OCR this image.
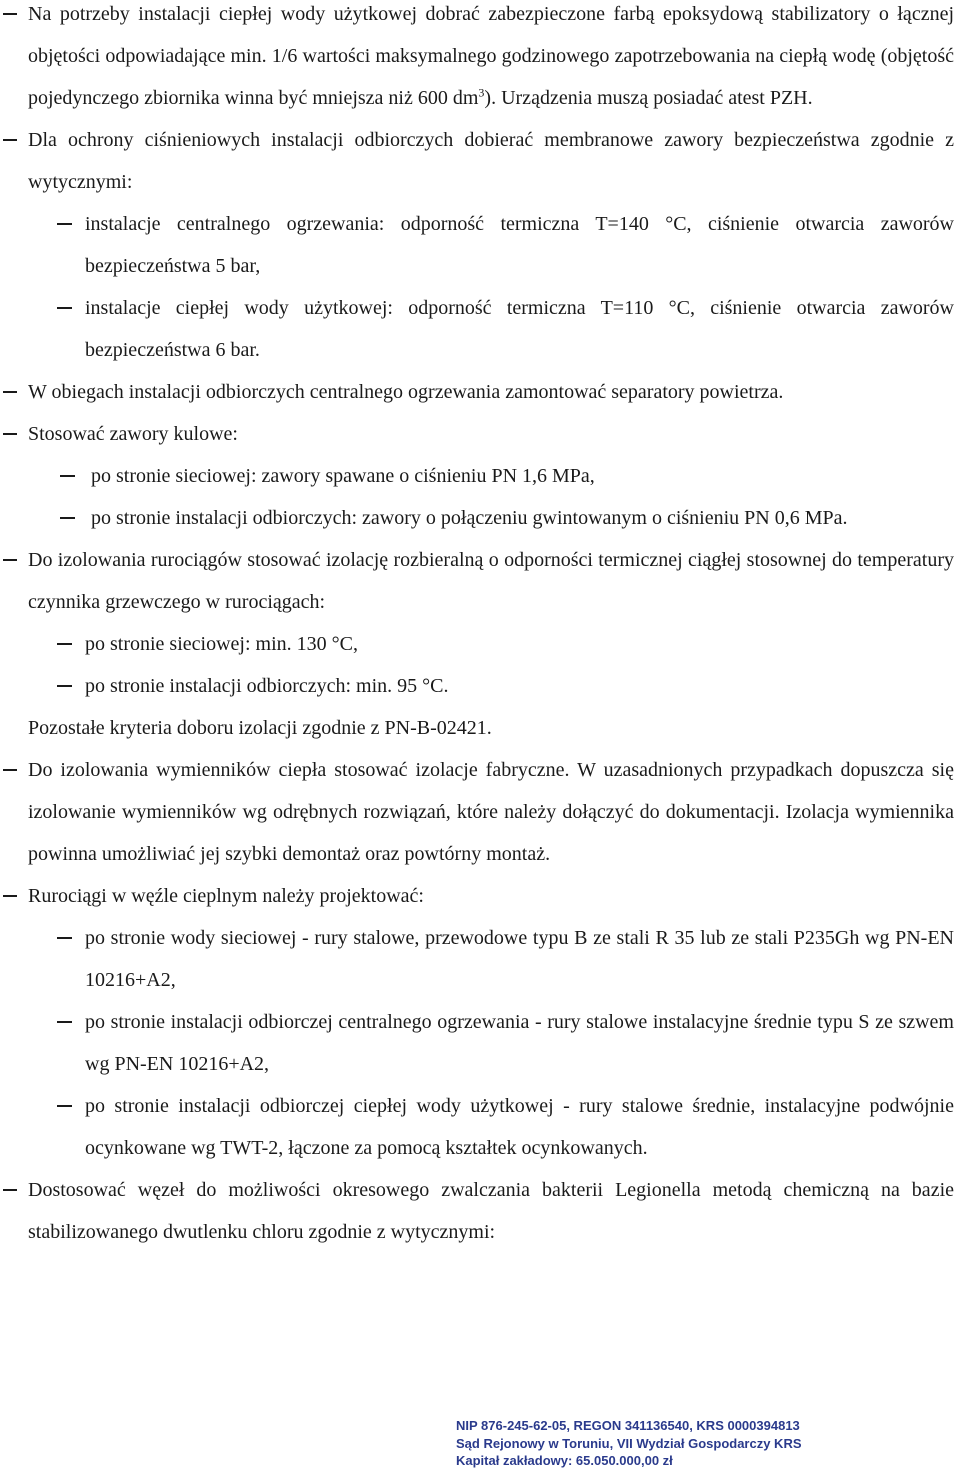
Na potrzeby instalacji ciepłej wody użytkowej dobrać zabezpieczone farbą epoksydową stabilizatory o łącznej objętości odpowiadające min. 1/6 wartości maksymalnego godzinowego zapotrzebowania na ciepłą wodę (objętość pojedynczego zbiornika winna być mniejsza niż 600 $dm^3$). Urządzenia muszą posiadać atest PZH.

Dla ochrony ciśnieniowych instalacji odbiorczych dobierać membranowe zawory bezpieczeństwa zgodnie z wytycznymi:

instalacje centralnego ogrzewania: odporność termiczna T=140 °C, ciśnienie otwarcia zaworów bezpieczeństwa 5 bar,

instalacje ciepłej wody użytkowej: odporność termiczna T=110 °C, ciśnienie otwarcia zaworów bezpieczeństwa 6 bar.

W obiegach instalacji odbiorczych centralnego ogrzewania zamontować separatory powietrza.

Stosować zawory kulowe:

po stronie sieciowej: zawory spawane o ciśnieniu PN 1,6 MPa,

po stronie instalacji odbiorczych: zawory o połączeniu gwintowanym o ciśnieniu PN 0,6 MPa.

Do izolowania rurociągów stosować izolację rozbieralną o odporności termicznej ciągłej stosownej do temperatury czynnika grzewczego w rurociągach:

po stronie sieciowej: min. 130 °C,

po stronie instalacji odbiorczych: min. 95 °C.

Pozostałe kryteria doboru izolacji zgodnie z PN-B-02421.

Do izolowania wymienników ciepła stosować izolacje fabryczne. W uzasadnionych przypadkach dopuszcza się izolowanie wymienników wg odrębnych rozwiązań, które należy dołączyć do dokumentacji. Izolacja wymiennika powinna umożliwiać jej szybki demontaż oraz powtórny montaż.

Rurociągi w węźle cieplnym należy projektować:

po stronie wody sieciowej - rury stalowe, przewodowe typu B ze stali R 35 lub ze stali P235Gh wg PN-EN 10216+A2,

po stronie instalacji odbiorczej centralnego ogrzewania - rury stalowe instalacyjne średnie typu S ze szwem wg PN-EN 10216+A2,

po stronie instalacji odbiorczej ciepłej wody użytkowej - rury stalowe średnie, instalacyjne podwójnie ocynkowane wg TWT-2, łączone za pomocą kształtek ocynkowanych.

Dostosować węzeł do możliwości okresowego zwalczania bakterii Legionella metodą chemiczną na bazie stabilizowanego dwutlenku chloru zgodnie z wytycznymi:

NIP 876-245-62-05, REGON 341136540, KRS 0000394813
Sąd Rejonowy w Toruniu, VII Wydział Gospodarczy KRS
Kapitał zakładowy: 65.050.000,00 zł
